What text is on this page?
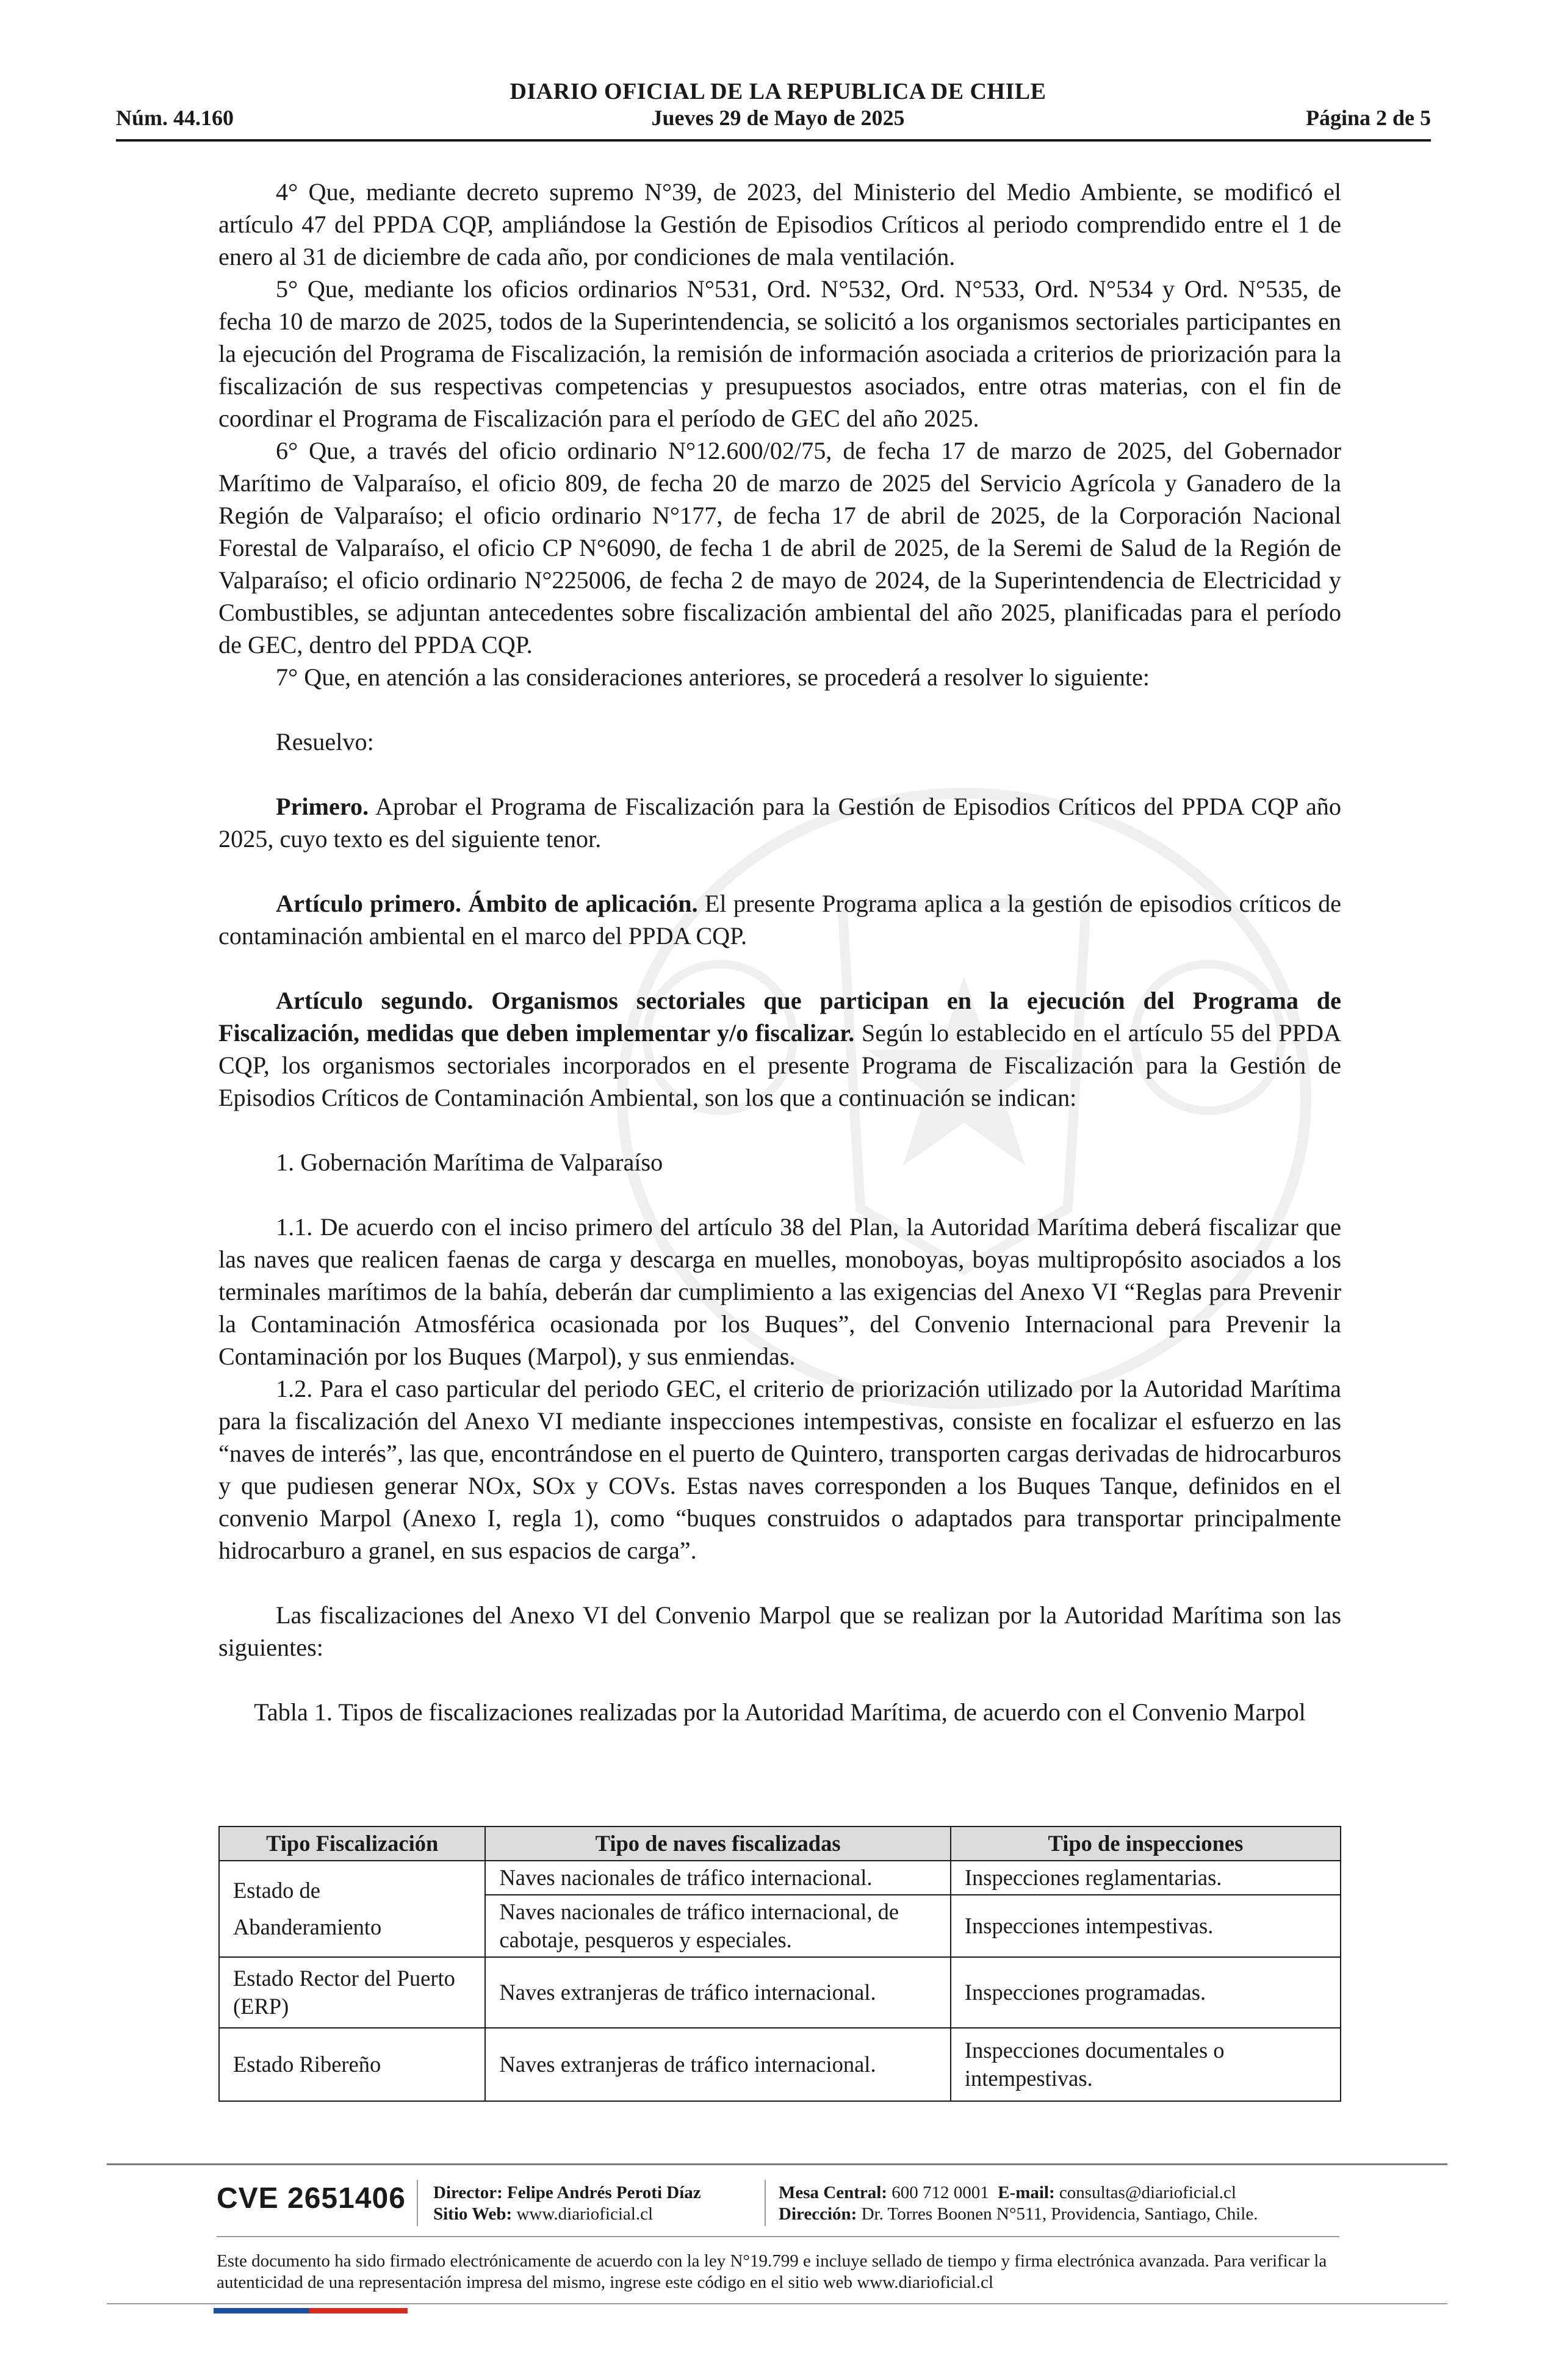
DIARIO OFICIAL DE LA REPUBLICA DE CHILE
Núm. 44.160	Jueves 29 de Mayo de 2025	Página 2 de 5

4° Que, mediante decreto supremo N°39, de 2023, del Ministerio del Medio Ambiente, se modificó el artículo 47 del PPDA CQP, ampliándose la Gestión de Episodios Críticos al periodo comprendido entre el 1 de enero al 31 de diciembre de cada año, por condiciones de mala ventilación.

5° Que, mediante los oficios ordinarios N°531, Ord. N°532, Ord. N°533, Ord. N°534 y Ord. N°535, de fecha 10 de marzo de 2025, todos de la Superintendencia, se solicitó a los organismos sectoriales participantes en la ejecución del Programa de Fiscalización, la remisión de información asociada a criterios de priorización para la fiscalización de sus respectivas competencias y presupuestos asociados, entre otras materias, con el fin de coordinar el Programa de Fiscalización para el período de GEC del año 2025.

6° Que, a través del oficio ordinario N°12.600/02/75, de fecha 17 de marzo de 2025, del Gobernador Marítimo de Valparaíso, el oficio 809, de fecha 20 de marzo de 2025 del Servicio Agrícola y Ganadero de la Región de Valparaíso; el oficio ordinario N°177, de fecha 17 de abril de 2025, de la Corporación Nacional Forestal de Valparaíso, el oficio CP N°6090, de fecha 1 de abril de 2025, de la Seremi de Salud de la Región de Valparaíso; el oficio ordinario N°225006, de fecha 2 de mayo de 2024, de la Superintendencia de Electricidad y Combustibles, se adjuntan antecedentes sobre fiscalización ambiental del año 2025, planificadas para el período de GEC, dentro del PPDA CQP.

7° Que, en atención a las consideraciones anteriores, se procederá a resolver lo siguiente:

Resuelvo:

Primero. Aprobar el Programa de Fiscalización para la Gestión de Episodios Críticos del PPDA CQP año 2025, cuyo texto es del siguiente tenor.

Artículo primero. Ámbito de aplicación. El presente Programa aplica a la gestión de episodios críticos de contaminación ambiental en el marco del PPDA CQP.

Artículo segundo. Organismos sectoriales que participan en la ejecución del Programa de Fiscalización, medidas que deben implementar y/o fiscalizar. Según lo establecido en el artículo 55 del PPDA CQP, los organismos sectoriales incorporados en el presente Programa de Fiscalización para la Gestión de Episodios Críticos de Contaminación Ambiental, son los que a continuación se indican:

1. Gobernación Marítima de Valparaíso

1.1. De acuerdo con el inciso primero del artículo 38 del Plan, la Autoridad Marítima deberá fiscalizar que las naves que realicen faenas de carga y descarga en muelles, monoboyas, boyas multipropósito asociados a los terminales marítimos de la bahía, deberán dar cumplimiento a las exigencias del Anexo VI “Reglas para Prevenir la Contaminación Atmosférica ocasionada por los Buques”, del Convenio Internacional para Prevenir la Contaminación por los Buques (Marpol), y sus enmiendas.

1.2. Para el caso particular del periodo GEC, el criterio de priorización utilizado por la Autoridad Marítima para la fiscalización del Anexo VI mediante inspecciones intempestivas, consiste en focalizar el esfuerzo en las “naves de interés”, las que, encontrándose en el puerto de Quintero, transporten cargas derivadas de hidrocarburos y que pudiesen generar NOx, SOx y COVs. Estas naves corresponden a los Buques Tanque, definidos en el convenio Marpol (Anexo I, regla 1), como “buques construidos o adaptados para transportar principalmente hidrocarburo a granel, en sus espacios de carga”.

Las fiscalizaciones del Anexo VI del Convenio Marpol que se realizan por la Autoridad Marítima son las siguientes:

Tabla 1. Tipos de fiscalizaciones realizadas por la Autoridad Marítima, de acuerdo con el Convenio Marpol

Tipo Fiscalización	Tipo de naves fiscalizadas	Tipo de inspecciones
Estado de Abanderamiento	Naves nacionales de tráfico internacional.	Inspecciones reglamentarias.
	Naves nacionales de tráfico internacional, de cabotaje, pesqueros y especiales.	Inspecciones intempestivas.
Estado Rector del Puerto (ERP)	Naves extranjeras de tráfico internacional.	Inspecciones programadas.
Estado Ribereño	Naves extranjeras de tráfico internacional.	Inspecciones documentales o intempestivas.
CVE 2651406 Director: Felipe Andrés Peroti Díaz
Sitio Web: www.diarioficial.cl
Mesa Central: 600 712 0001 E-mail: consultas@diarioficial.cl
Dirección: Dr. Torres Boonen N°511, Providencia, Santiago, Chile.
Este documento ha sido firmado electrónicamente de acuerdo con la ley N°19.799 e incluye sellado de tiempo y firma electrónica avanzada. Para verificar la autenticidad de una representación impresa del mismo, ingrese este código en el sitio web www.diarioficial.cl
